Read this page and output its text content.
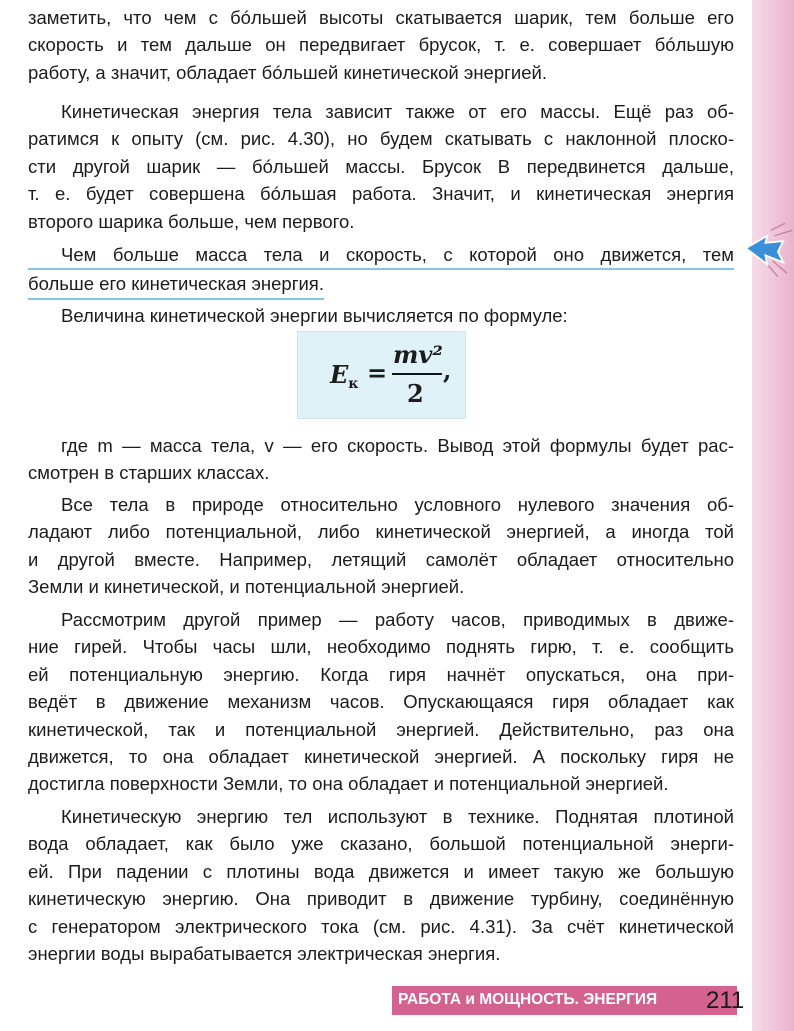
заметить, что чем с бóльшей высоты скатывается шарик, тем больше его
скорость и тем дальше он передвигает брусок, т. е. совершает бóльшую
работу, а значит, обладает бóльшей кинетической энергией.
Кинетическая энергия тела зависит также от его массы. Ещё раз об-
ратимся к опыту (см. рис. 4.30), но будем скатывать с наклонной плоско-
сти другой шарик — бóльшей массы. Брусок B передвинется дальше,
т. е. будет совершена бóльшая работа. Значит, и кинетическая энергия
второго шарика больше, чем первого.
Чем больше масса тела и скорость, с которой оно движется, тем
больше его кинетическая энергия.
Величина кинетической энергии вычисляется по формуле:
$E_к$ =
mv²
2
,
где m — масса тела, v — его скорость. Вывод этой формулы будет рас-
смотрен в старших классах.
Все тела в природе относительно условного нулевого значения об-
ладают либо потенциальной, либо кинетической энергией, а иногда той
и другой вместе. Например, летящий самолёт обладает относительно
Земли и кинетической, и потенциальной энергией.
Рассмотрим другой пример — работу часов, приводимых в движе-
ние гирей. Чтобы часы шли, необходимо поднять гирю, т. е. сообщить
ей потенциальную энергию. Когда гиря начнёт опускаться, она при-
ведёт в движение механизм часов. Опускающаяся гиря обладает как
кинетической, так и потенциальной энергией. Действительно, раз она
движется, то она обладает кинетической энергией. А поскольку гиря не
достигла поверхности Земли, то она обладает и потенциальной энергией.
Кинетическую энергию тел используют в технике. Поднятая плотиной
вода обладает, как было уже сказано, большой потенциальной энерги-
ей. При падении с плотины вода движется и имеет такую же большую
кинетическую энергию. Она приводит в движение турбину, соединённую
с генератором электрического тока (см. рис. 4.31). За счёт кинетической
энергии воды вырабатывается электрическая энергия.
РАБОТА и МОЩНОСТЬ. ЭНЕРГИЯ 211
